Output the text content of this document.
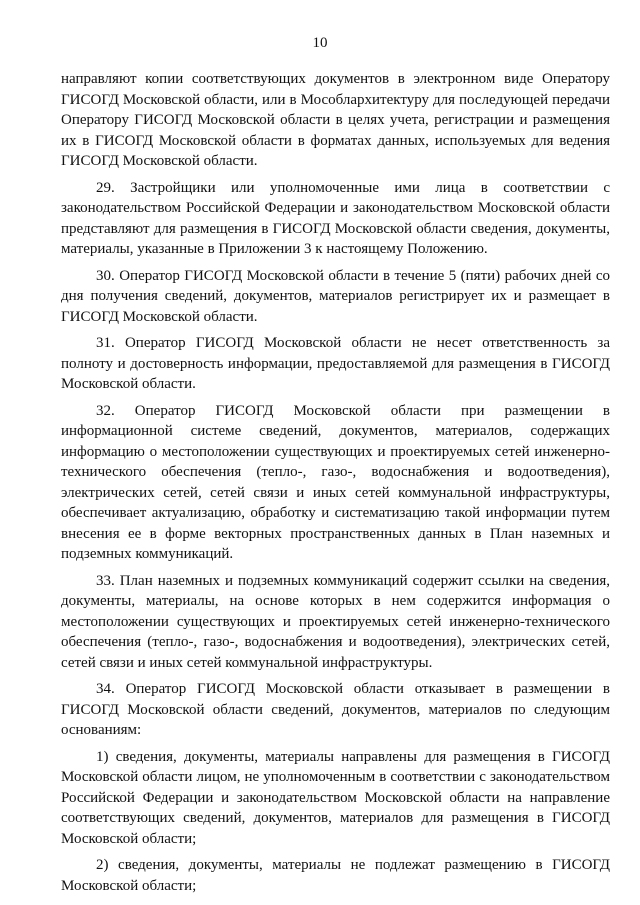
10

направляют копии соответствующих документов в электронном виде Оператору ГИСОГД Московской области, или в Мособлархитектуру для последующей передачи Оператору ГИСОГД Московской области в целях учета, регистрации и размещения их в ГИСОГД Московской области в форматах данных, используемых для ведения ГИСОГД Московской области.

29. Застройщики или уполномоченные ими лица в соответствии с законодательством Российской Федерации и законодательством Московской области представляют для размещения в ГИСОГД Московской области сведения, документы, материалы, указанные в Приложении 3 к настоящему Положению.

30. Оператор ГИСОГД Московской области в течение 5 (пяти) рабочих дней со дня получения сведений, документов, материалов регистрирует их и размещает в ГИСОГД Московской области.

31. Оператор ГИСОГД Московской области не несет ответственность за полноту и достоверность информации, предоставляемой для размещения в ГИСОГД Московской области.

32. Оператор ГИСОГД Московской области при размещении в информационной системе сведений, документов, материалов, содержащих информацию о местоположении существующих и проектируемых сетей инженерно-технического обеспечения (тепло-, газо-, водоснабжения и водоотведения), электрических сетей, сетей связи и иных сетей коммунальной инфраструктуры, обеспечивает актуализацию, обработку и систематизацию такой информации путем внесения ее в форме векторных пространственных данных в План наземных и подземных коммуникаций.

33. План наземных и подземных коммуникаций содержит ссылки на сведения, документы, материалы, на основе которых в нем содержится информация о местоположении существующих и проектируемых сетей инженерно-технического обеспечения (тепло-, газо-, водоснабжения и водоотведения), электрических сетей, сетей связи и иных сетей коммунальной инфраструктуры.

34. Оператор ГИСОГД Московской области отказывает в размещении в ГИСОГД Московской области сведений, документов, материалов по следующим основаниям:

1) сведения, документы, материалы направлены для размещения в ГИСОГД Московской области лицом, не уполномоченным в соответствии с законодательством Российской Федерации и законодательством Московской области на направление соответствующих сведений, документов, материалов для размещения в ГИСОГД Московской области;

2) сведения, документы, материалы не подлежат размещению в ГИСОГД Московской области;
